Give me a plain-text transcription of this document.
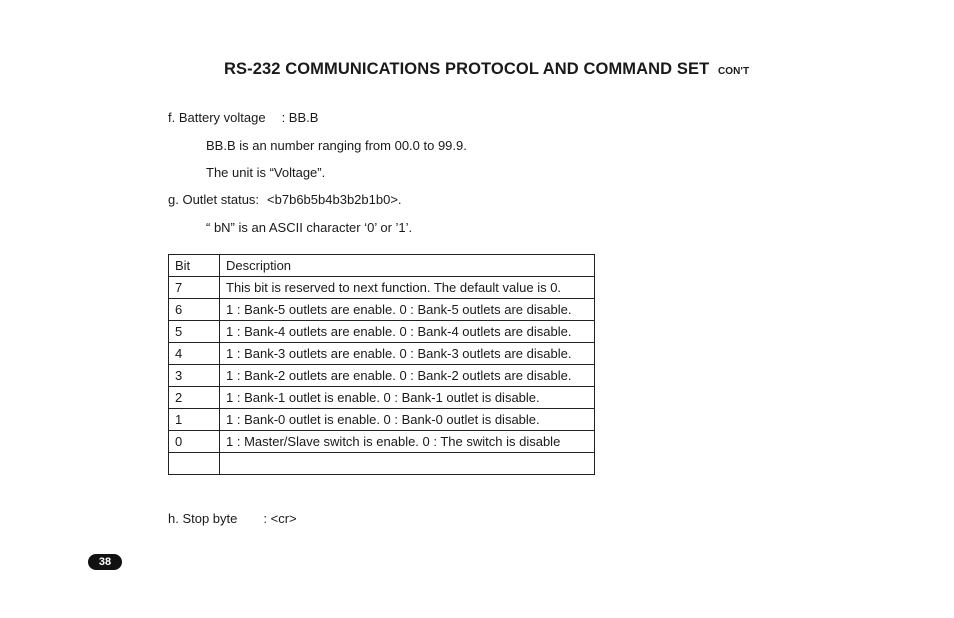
RS-232 COMMUNICATIONS PROTOCOL AND COMMAND SET CON'T
f. Battery voltage : BB.B
BB.B is an number ranging from 00.0 to 99.9.
The unit is “Voltage”.
g. Outlet status: <b7b6b5b4b3b2b1b0>.
“ bN” is an ASCII character ‘0’ or ’1’.
Bit	Description
7	This bit is reserved to next function. The default value is 0.
6	1 : Bank-5 outlets are enable. 0 : Bank-5 outlets are disable.
5	1 : Bank-4 outlets are enable. 0 : Bank-4 outlets are disable.
4	1 : Bank-3 outlets are enable. 0 : Bank-3 outlets are disable.
3	1 : Bank-2 outlets are enable. 0 : Bank-2 outlets are disable.
2	1 : Bank-1 outlet is enable. 0 : Bank-1 outlet is disable.
1	1 : Bank-0 outlet is enable. 0 : Bank-0 outlet is disable.
0	1 : Master/Slave switch is enable. 0 : The switch is disable

h. Stop byte : <cr>
38
